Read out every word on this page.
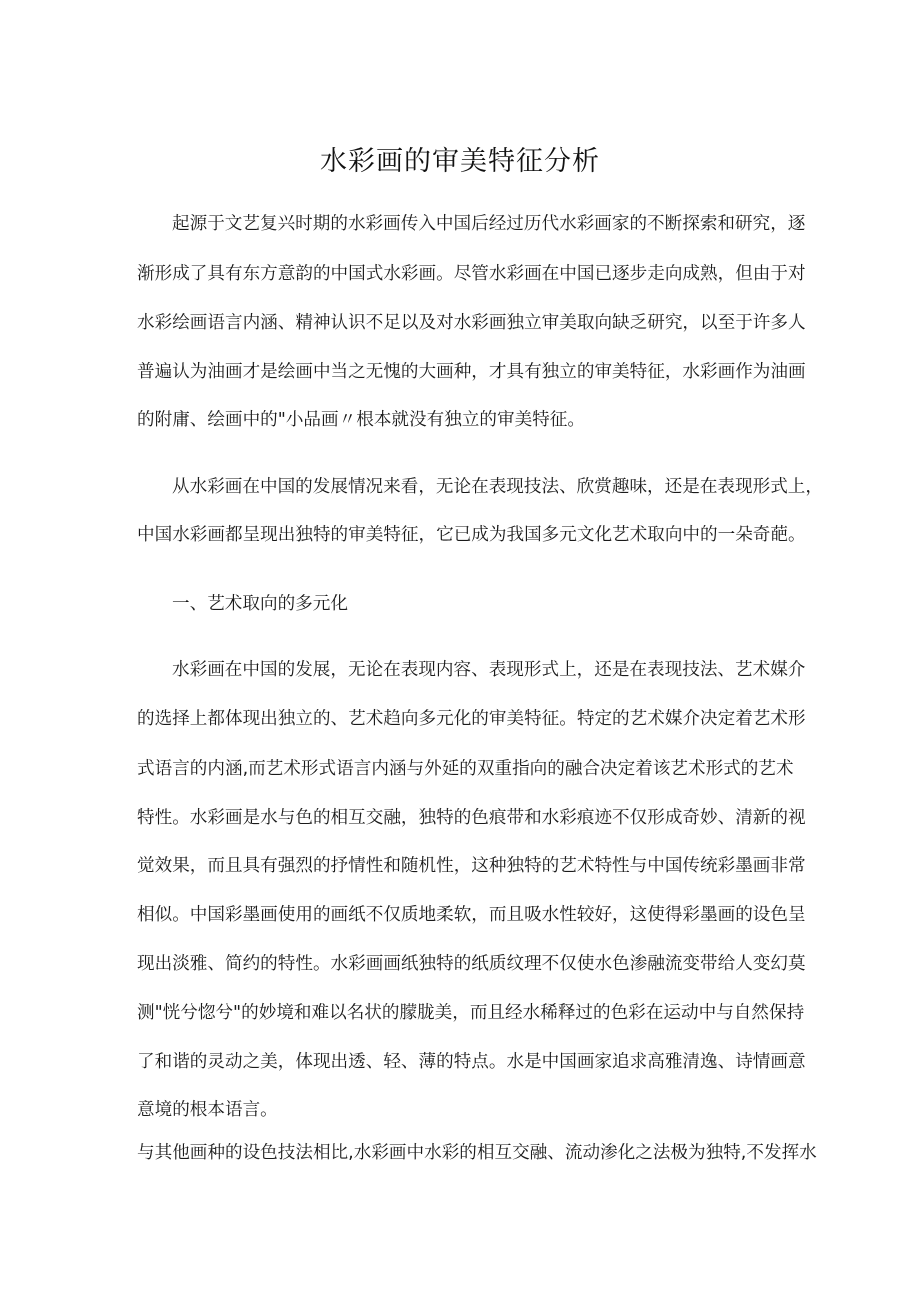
水彩画的审美特征分析
起源于文艺复兴时期的水彩画传入中国后经过历代水彩画家的不断探索和研究，逐
渐形成了具有东方意韵的中国式水彩画。尽管水彩画在中国已逐步走向成熟，但由于对
水彩绘画语言内涵、精神认识不足以及对水彩画独立审美取向缺乏研究，以至于许多人
普遍认为油画才是绘画中当之无愧的大画种，才具有独立的审美特征，水彩画作为油画
的附庸、绘画中的"小品画〃根本就没有独立的审美特征。
从水彩画在中国的发展情况来看，无论在表现技法、欣赏趣味，还是在表现形式上，
中国水彩画都呈现出独特的审美特征，它已成为我国多元文化艺术取向中的一朵奇葩。
一、艺术取向的多元化
水彩画在中国的发展，无论在表现内容、表现形式上，还是在表现技法、艺术媒介
的选择上都体现出独立的、艺术趋向多元化的审美特征。特定的艺术媒介决定着艺术形
式语言的内涵,而艺术形式语言内涵与外延的双重指向的融合决定着该艺术形式的艺术
特性。水彩画是水与色的相互交融，独特的色痕带和水彩痕迹不仅形成奇妙、清新的视
觉效果，而且具有强烈的抒情性和随机性，这种独特的艺术特性与中国传统彩墨画非常
相似。中国彩墨画使用的画纸不仅质地柔软，而且吸水性较好，这使得彩墨画的设色呈
现出淡雅、简约的特性。水彩画画纸独特的纸质纹理不仅使水色渗融流变带给人变幻莫
测"恍兮惚兮"的妙境和难以名状的朦胧美，而且经水稀释过的色彩在运动中与自然保持
了和谐的灵动之美，体现出透、轻、薄的特点。水是中国画家追求高雅清逸、诗情画意
意境的根本语言。
与其他画种的设色技法相比,水彩画中水彩的相互交融、流动渗化之法极为独特,不发挥水
